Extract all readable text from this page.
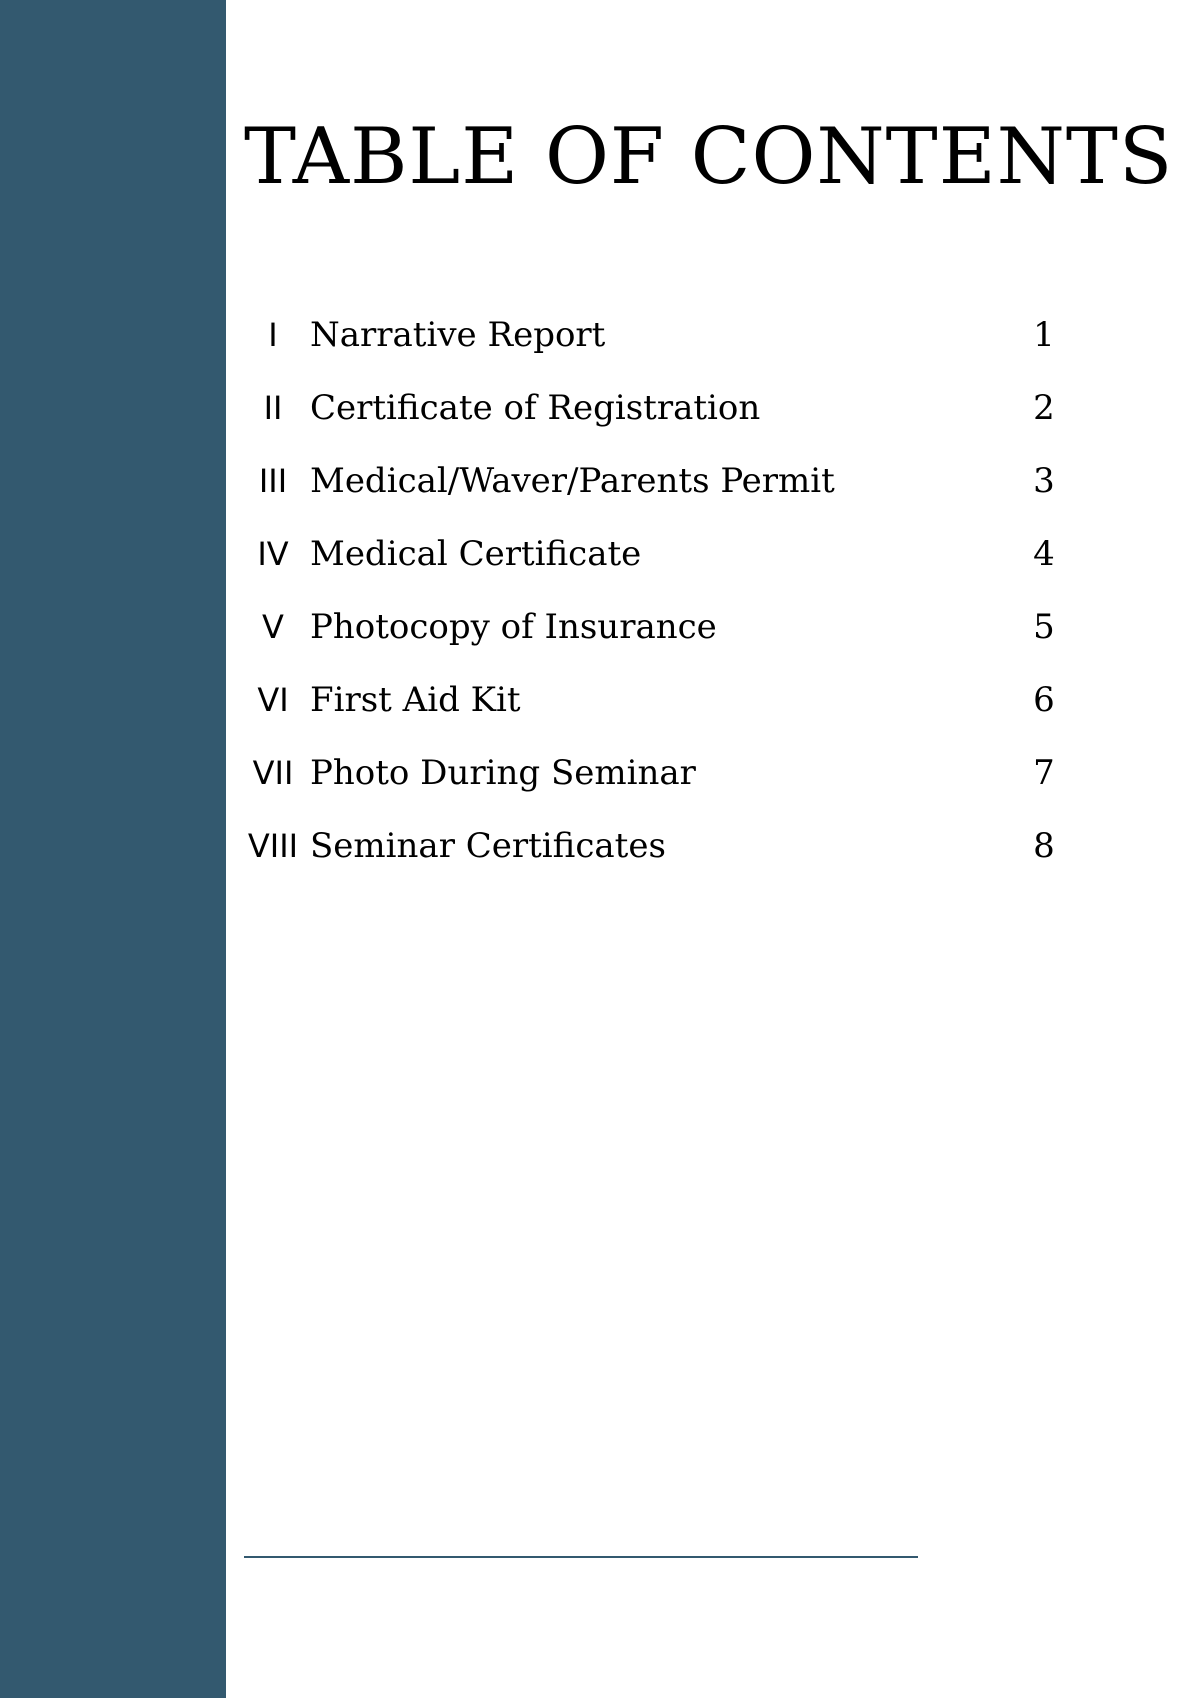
TABLE OF CONTENTS
I Narrative Report	1
II Certificate of Registration	2
III Medical/Waver/Parents Permit	3
IV Medical Certificate	4
V Photocopy of Insurance	5
VI First Aid Kit	6
VII Photo During Seminar	7
VIII Seminar Certificates	8
